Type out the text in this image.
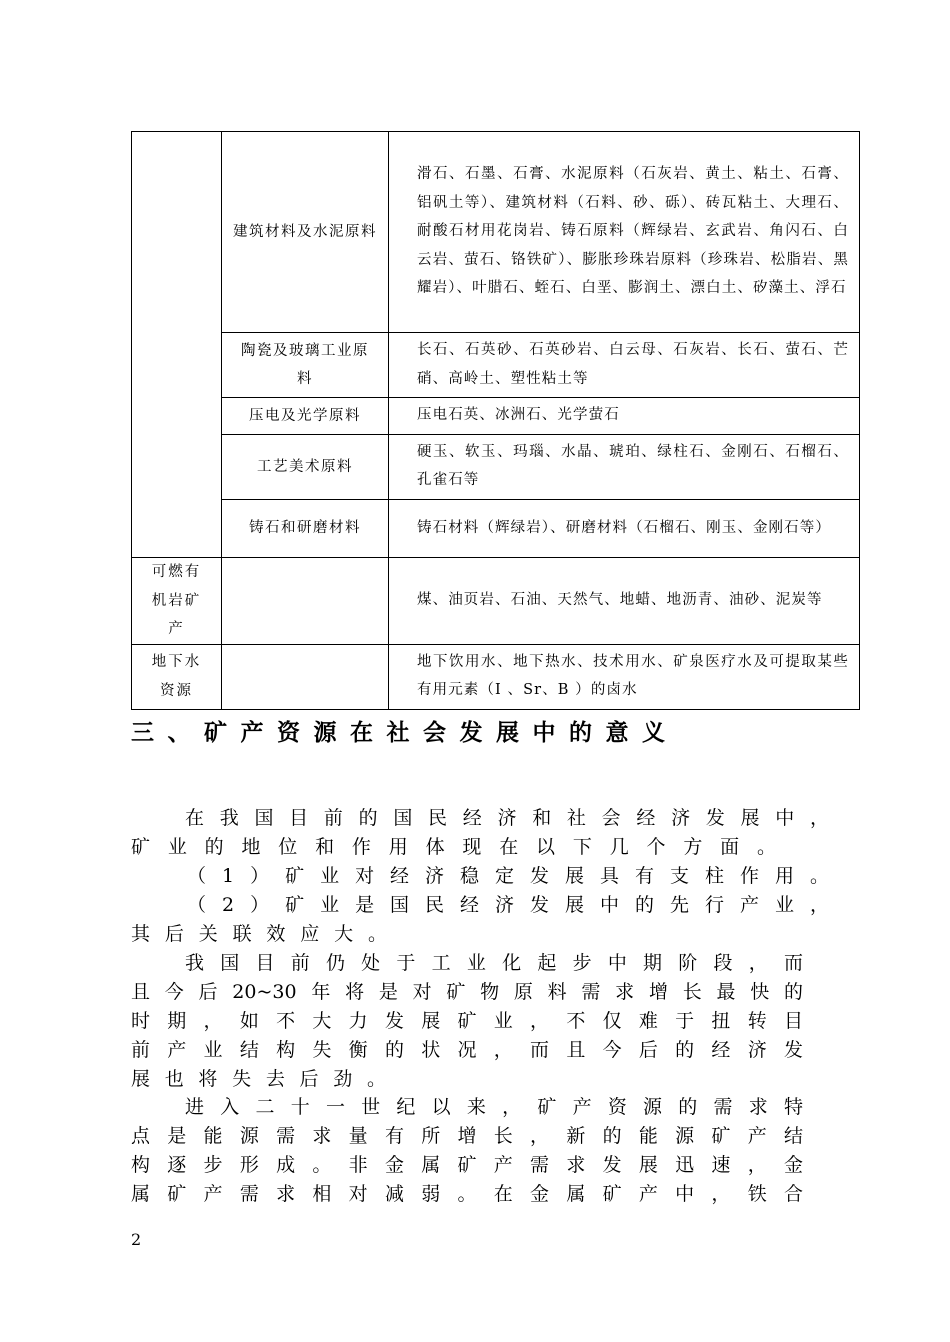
	建筑材料及水泥原料	滑石、石墨、石膏、水泥原料（石灰岩、黄土、粘土、石膏、铝矾土等）、建筑材料（石料、砂、砾）、砖瓦粘土、大理石、耐酸石材用花岗岩、铸石原料（辉绿岩、玄武岩、角闪石、白云岩、萤石、铬铁矿）、膨胀珍珠岩原料（珍珠岩、松脂岩、黑耀岩）、叶腊石、蛭石、白垩、膨润土、漂白土、矽藻土、浮石

	陶瓷及玻璃工业原料	长石、石英砂、石英砂岩、白云母、石灰岩、长石、萤石、芒硝、高岭土、塑性粘土等

	压电及光学原料	压电石英、冰洲石、光学萤石

	工艺美术原料	硬玉、软玉、玛瑙、水晶、琥珀、绿柱石、金刚石、石榴石、孔雀石等

	铸石和研磨材料	铸石材料（辉绿岩）、研磨材料（石榴石、刚玉、金刚石等）

可燃有机岩矿产		煤、油页岩、石油、天然气、地蜡、地沥青、油砂、泥炭等

地下水资源		地下饮用水、地下热水、技术用水、矿泉医疗水及可提取某些有用元素（I 、Sr、B ）的卤水
三、矿产资源在社会发展中的意义
在我国目前的国民经济和社会经济发展中，
矿业的地位和作用体现在以下几个方面。
（1）矿业对经济稳定发展具有支柱作用。
（2）矿业是国民经济发展中的先行产业，
其后关联效应大。
我国目前仍处于工业化起步中期阶段，而
且今后20~30年将是对矿物原料需求增长最快的
时期，如不大力发展矿业，不仅难于扭转目
前产业结构失衡的状况，而且今后的经济发
展也将失去后劲。
进入二十一世纪以来，矿产资源的需求特
点是能源需求量有所增长，新的能源矿产结
构逐步形成。非金属矿产需求发展迅速，金
属矿产需求相对减弱。在金属矿产中，铁合
2
